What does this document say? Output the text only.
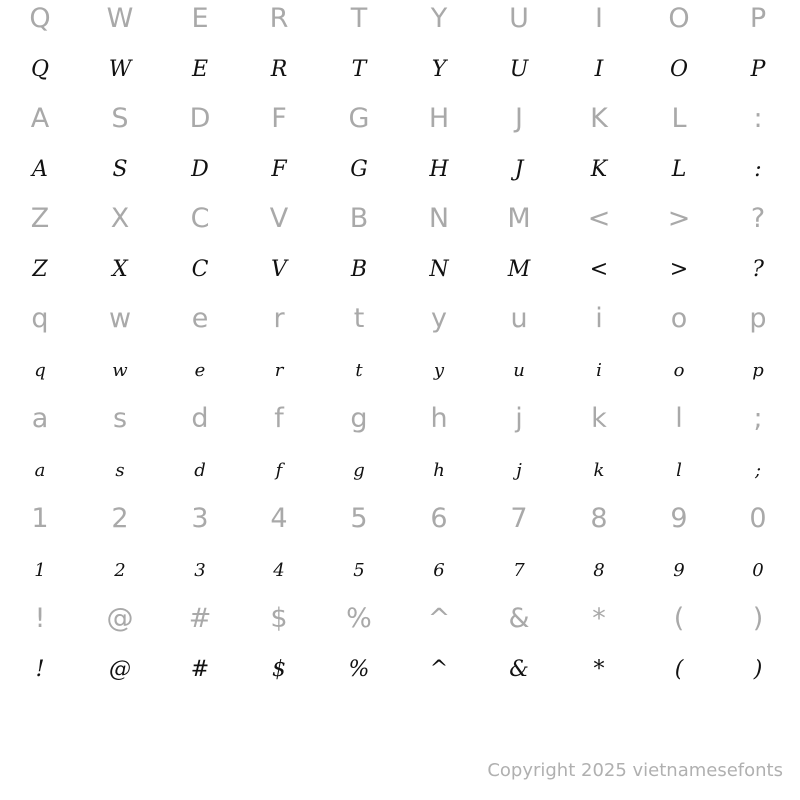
Q	W	E	R	T	Y	U	I	O	P
Q	W	E	R	T	Y	U	I	O	P
A	S	D	F	G	H	J	K	L	:
A	S	D	F	G	H	J	K	L	:
Z	X	C	V	B	N	M	<	>	?
Z	X	C	V	B	N	M	<	>	?
q	w	e	r	t	y	u	i	o	p
q	w	e	r	t	y	u	i	o	p
a	s	d	f	g	h	j	k	l	;
a	s	d	f	g	h	j	k	l	;
1	2	3	4	5	6	7	8	9	0
1	2	3	4	5	6	7	8	9	0
!	@	#	$	%	^	&	*	(	)
!	@	#	$	%	^	&	*	(	)
Copyright 2025 vietnamesefonts
